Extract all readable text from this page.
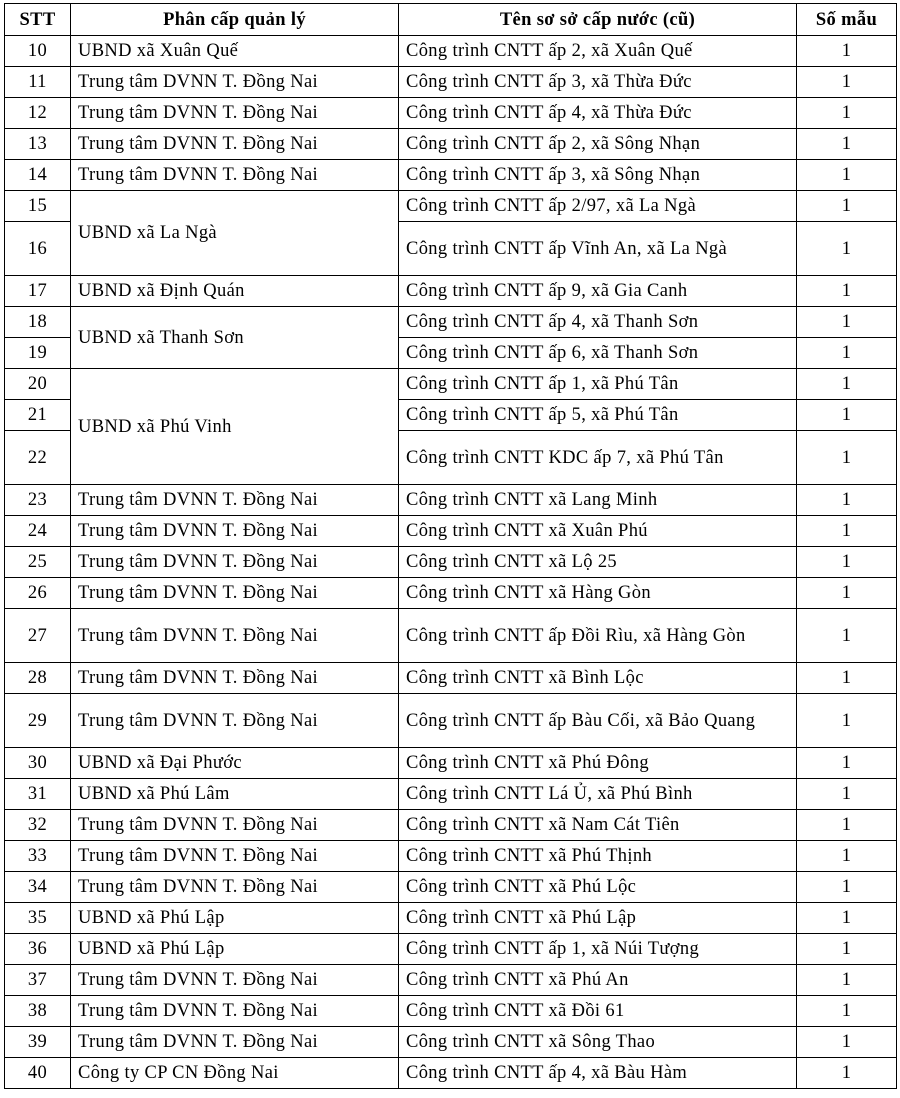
STT	Phân cấp quản lý	Tên sơ sở cấp nước (cũ)	Số mẫu
10	UBND xã Xuân Quế	Công trình CNTT ấp 2, xã Xuân Quế	1
11	Trung tâm DVNN T. Đồng Nai	Công trình CNTT ấp 3, xã Thừa Đức	1
12	Trung tâm DVNN T. Đồng Nai	Công trình CNTT ấp 4, xã Thừa Đức	1
13	Trung tâm DVNN T. Đồng Nai	Công trình CNTT ấp 2, xã Sông Nhạn	1
14	Trung tâm DVNN T. Đồng Nai	Công trình CNTT ấp 3, xã Sông Nhạn	1
15	UBND xã La Ngà	Công trình CNTT ấp 2/97, xã La Ngà	1
16		Công trình CNTT ấp Vĩnh An, xã La Ngà	1
17	UBND xã Định Quán	Công trình CNTT ấp 9, xã Gia Canh	1
18	UBND xã Thanh Sơn	Công trình CNTT ấp 4, xã Thanh Sơn	1
19		Công trình CNTT ấp 6, xã Thanh Sơn	1
20	UBND xã Phú Vinh	Công trình CNTT ấp 1, xã Phú Tân	1
21		Công trình CNTT ấp 5, xã Phú Tân	1
22		Công trình CNTT KDC ấp 7, xã Phú Tân	1
23	Trung tâm DVNN T. Đồng Nai	Công trình CNTT xã Lang Minh	1
24	Trung tâm DVNN T. Đồng Nai	Công trình CNTT xã Xuân Phú	1
25	Trung tâm DVNN T. Đồng Nai	Công trình CNTT xã Lộ 25	1
26	Trung tâm DVNN T. Đồng Nai	Công trình CNTT xã Hàng Gòn	1
27	Trung tâm DVNN T. Đồng Nai	Công trình CNTT ấp Đồi Rìu, xã Hàng Gòn	1
28	Trung tâm DVNN T. Đồng Nai	Công trình CNTT xã Bình Lộc	1
29	Trung tâm DVNN T. Đồng Nai	Công trình CNTT ấp Bàu Cối, xã Bảo Quang	1
30	UBND xã Đại Phước	Công trình CNTT xã Phú Đông	1
31	UBND xã Phú Lâm	Công trình CNTT Lá Ủ, xã Phú Bình	1
32	Trung tâm DVNN T. Đồng Nai	Công trình CNTT xã Nam Cát Tiên	1
33	Trung tâm DVNN T. Đồng Nai	Công trình CNTT xã Phú Thịnh	1
34	Trung tâm DVNN T. Đồng Nai	Công trình CNTT xã Phú Lộc	1
35	UBND xã Phú Lập	Công trình CNTT xã Phú Lập	1
36	UBND xã Phú Lập	Công trình CNTT ấp 1, xã Núi Tượng	1
37	Trung tâm DVNN T. Đồng Nai	Công trình CNTT xã Phú An	1
38	Trung tâm DVNN T. Đồng Nai	Công trình CNTT xã Đồi 61	1
39	Trung tâm DVNN T. Đồng Nai	Công trình CNTT xã Sông Thao	1
40	Công ty CP CN Đồng Nai	Công trình CNTT ấp 4, xã Bàu Hàm	1
